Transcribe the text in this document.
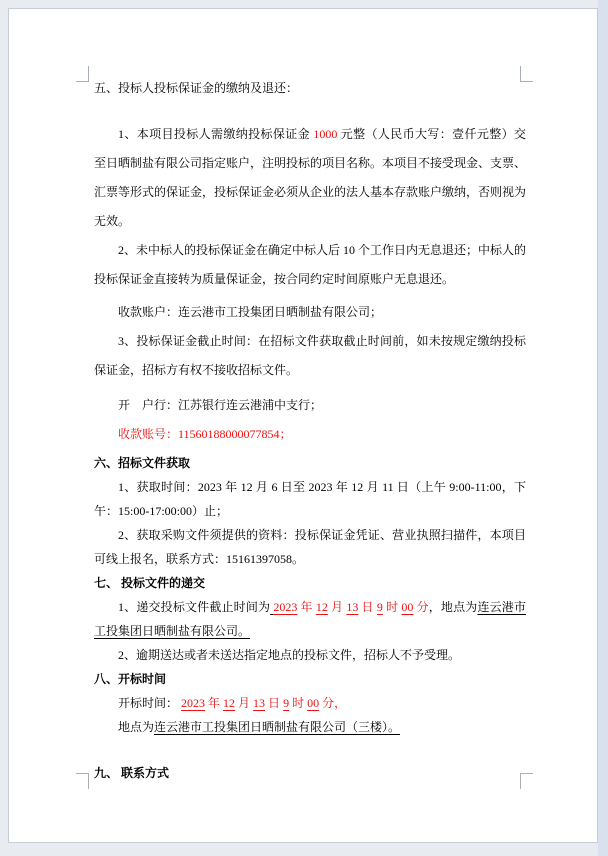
五、投标人投标保证金的缴纳及退还：

1、本项目投标人需缴纳投标保证金 1000 元整（人民币大写：壹仟元整）交至日晒制盐有限公司指定账户，注明投标的项目名称。本项目不接受现金、支票、汇票等形式的保证金，投标保证金必须从企业的法人基本存款账户缴纳，否则视为无效。

2、未中标人的投标保证金在确定中标人后 10 个工作日内无息退还；中标人的投标保证金直接转为质量保证金，按合同约定时间原账户无息退还。

收款账户：连云港市工投集团日晒制盐有限公司；

3、投标保证金截止时间：在招标文件获取截止时间前，如未按规定缴纳投标保证金，招标方有权不接收招标文件。

开　户行：江苏银行连云港浦中支行；

收款账号：11560188000077854；

六、招标文件获取

1、获取时间：2023 年 12 月 6 日至 2023 年 12 月 11 日（上午 9:00-11:00，下午：15:00-17:00:00）止；

2、获取采购文件须提供的资料：投标保证金凭证、营业执照扫描件，本项目可线上报名，联系方式：15161397058。

七、 投标文件的递交

1、递交投标文件截止时间为 2023 年 12 月 13 日 9 时 00 分，地点为连云港市工投集团日晒制盐有限公司。

2、逾期送达或者未送达指定地点的投标文件，招标人不予受理。

八、开标时间

开标时间： 2023 年 12 月 13 日 9 时 00 分，

地点为连云港市工投集团日晒制盐有限公司（三楼）。

九、 联系方式
